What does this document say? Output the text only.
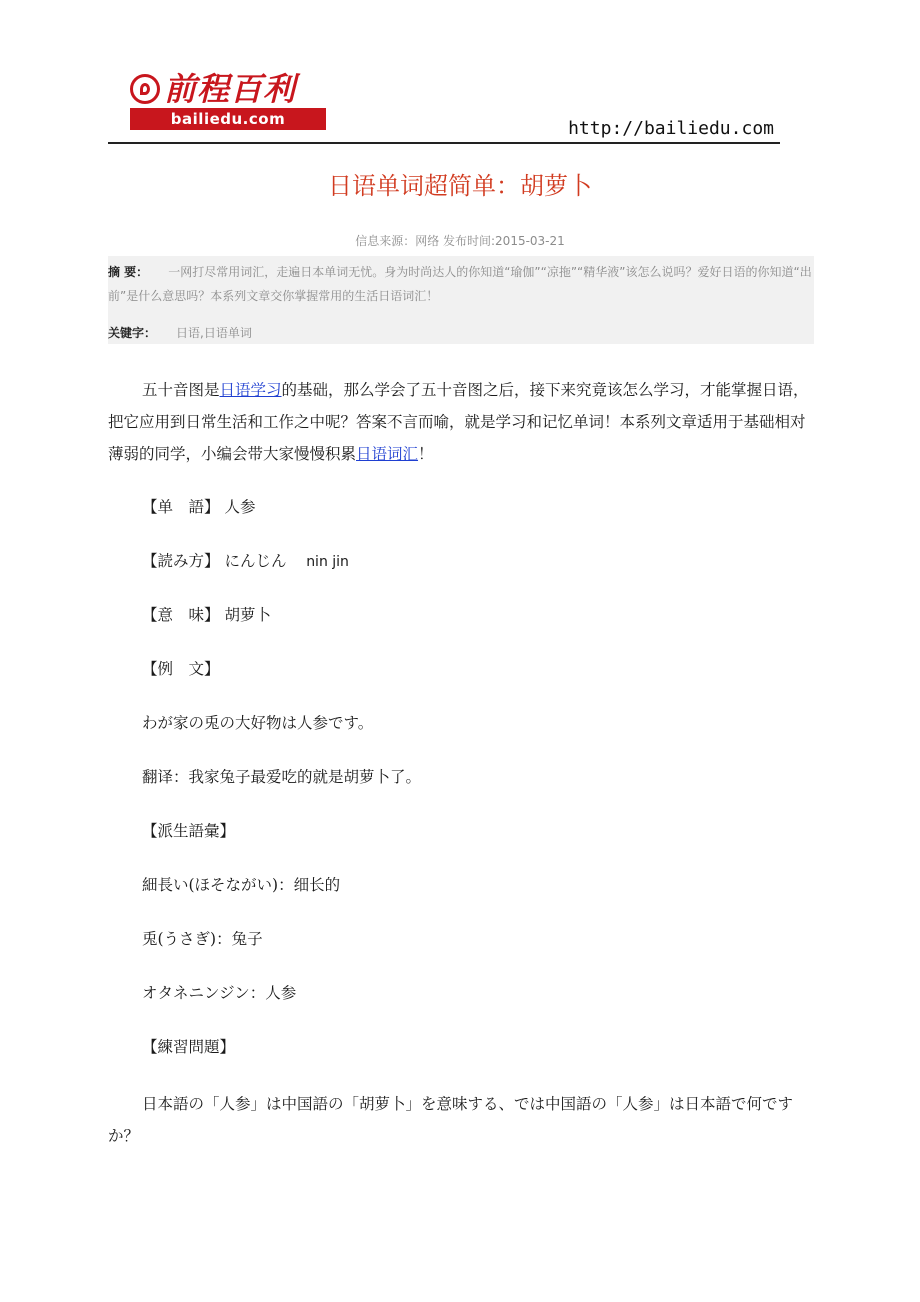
前程百利
bailiedu.com	http://bailiedu.com
日语单词超简单：胡萝卜
信息来源：网络 发布时间:2015-03-21
摘 要： 一网打尽常用词汇，走遍日本单词无忧。身为时尚达人的你知道“瑜伽”“凉拖”“精华液”该怎么说吗？爱好日语的你知道“出前”是什么意思吗？本系列文章交你掌握常用的生活日语词汇！
关键字： 日语,日语单词
五十音图是日语学习的基础，那么学会了五十音图之后，接下来究竟该怎么学习，才能掌握日语，把它应用到日常生活和工作之中呢？答案不言而喻，就是学习和记忆单词！本系列文章适用于基础相对薄弱的同学，小编会带大家慢慢积累日语词汇！
【单　語】 人参
【読み方】 にんじん nin jin
【意　味】 胡萝卜
【例　文】
わが家の兎の大好物は人参です。
翻译：我家兔子最爱吃的就是胡萝卜了。
【派生語彙】
細長い(ほそながい)：细长的
兎(うさぎ)：兔子
オタネニンジン：人参
【練習問題】
日本語の「人参」は中国語の「胡萝卜」を意味する、では中国語の「人参」は日本語で何ですか？
